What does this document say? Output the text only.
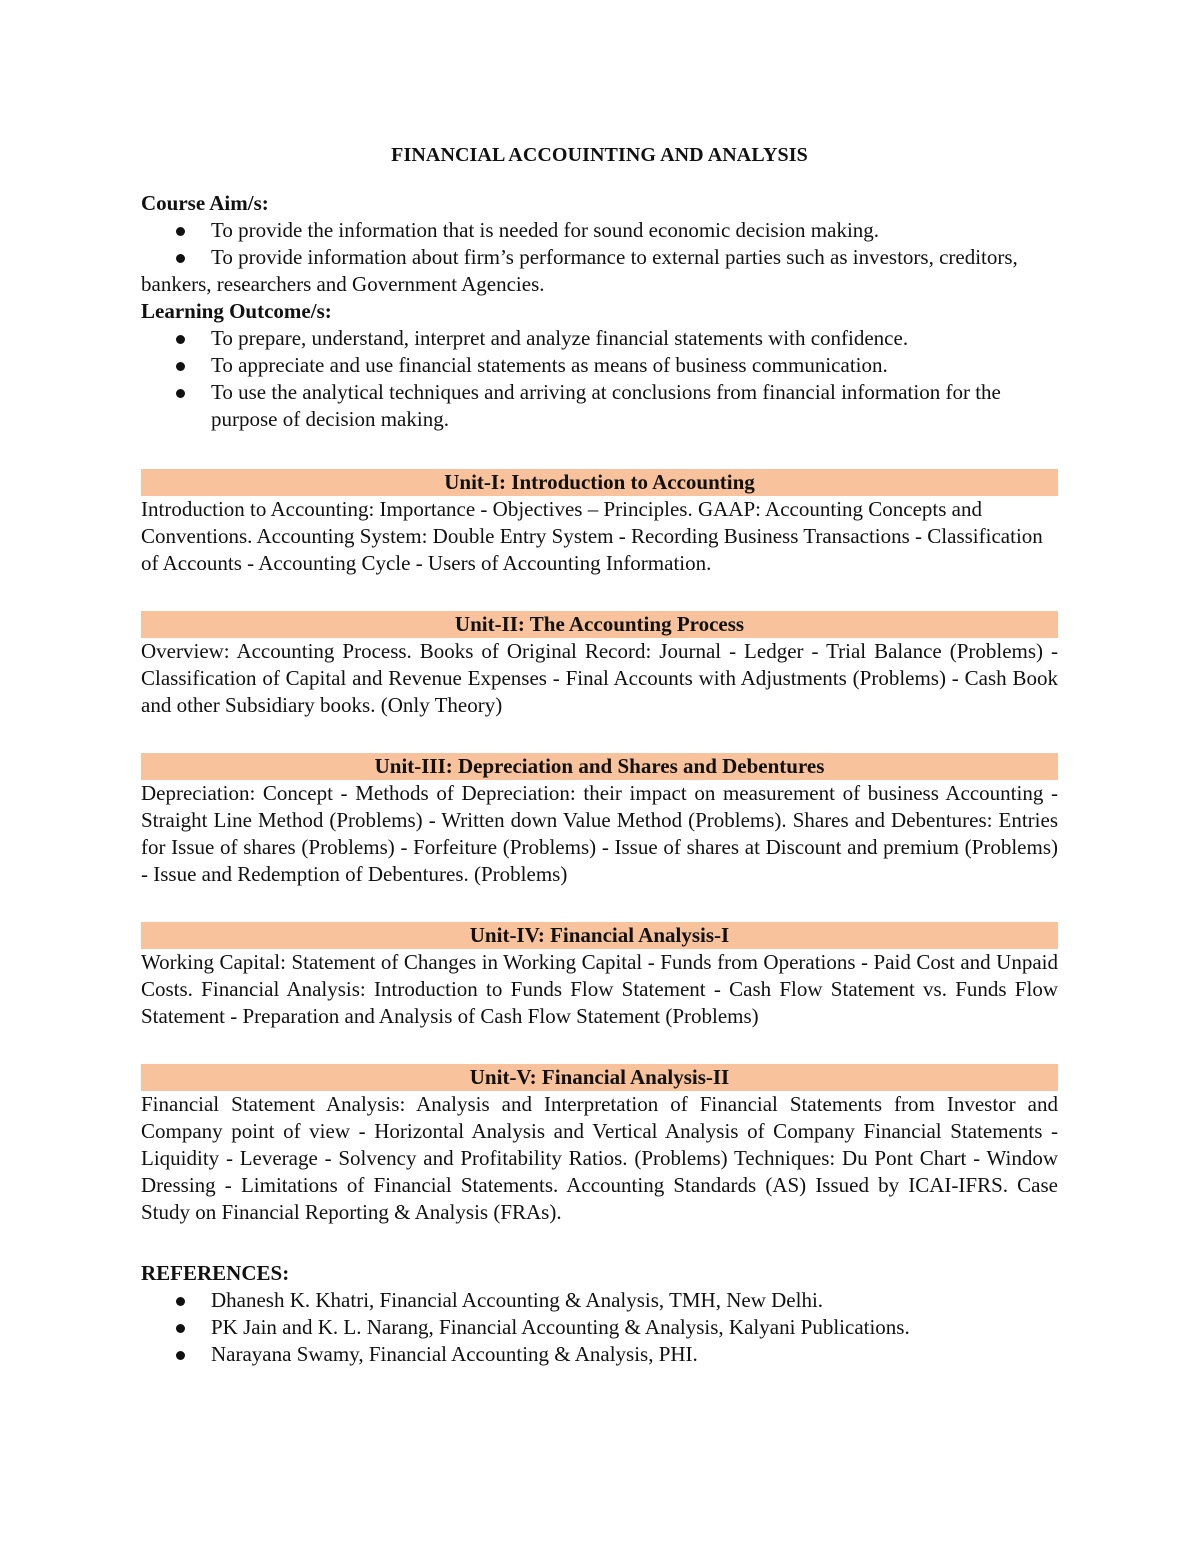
FINANCIAL ACCOUINTING AND ANALYSIS
Course Aim/s:
To provide the information that is needed for sound economic decision making.
To provide information about firm’s performance to external parties such as investors, creditors, bankers, researchers and Government Agencies.
Learning Outcome/s:
To prepare, understand, interpret and analyze financial statements with confidence.
To appreciate and use financial statements as means of business communication.
To use the analytical techniques and arriving at conclusions from financial information for the purpose of decision making.
Unit-I: Introduction to Accounting
Introduction to Accounting: Importance - Objectives – Principles. GAAP: Accounting Concepts and Conventions. Accounting System: Double Entry System - Recording Business Transactions - Classification of Accounts - Accounting Cycle - Users of Accounting Information.
Unit-II: The Accounting Process
Overview: Accounting Process. Books of Original Record: Journal - Ledger - Trial Balance (Problems) - Classification of Capital and Revenue Expenses - Final Accounts with Adjustments (Problems) - Cash Book and other Subsidiary books. (Only Theory)
Unit-III: Depreciation and Shares and Debentures
Depreciation: Concept - Methods of Depreciation: their impact on measurement of business Accounting - Straight Line Method (Problems) - Written down Value Method (Problems). Shares and Debentures: Entries for Issue of shares (Problems) - Forfeiture (Problems) - Issue of shares at Discount and premium (Problems) - Issue and Redemption of Debentures. (Problems)
Unit-IV: Financial Analysis-I
Working Capital: Statement of Changes in Working Capital - Funds from Operations - Paid Cost and Unpaid Costs. Financial Analysis: Introduction to Funds Flow Statement - Cash Flow Statement vs. Funds Flow Statement - Preparation and Analysis of Cash Flow Statement (Problems)
Unit-V: Financial Analysis-II
Financial Statement Analysis: Analysis and Interpretation of Financial Statements from Investor and Company point of view - Horizontal Analysis and Vertical Analysis of Company Financial Statements - Liquidity - Leverage - Solvency and Profitability Ratios. (Problems) Techniques: Du Pont Chart - Window Dressing - Limitations of Financial Statements. Accounting Standards (AS) Issued by ICAI-IFRS. Case Study on Financial Reporting & Analysis (FRAs).
REFERENCES:
Dhanesh K. Khatri, Financial Accounting & Analysis, TMH, New Delhi.
PK Jain and K. L. Narang, Financial Accounting & Analysis, Kalyani Publications.
Narayana Swamy, Financial Accounting & Analysis, PHI.
